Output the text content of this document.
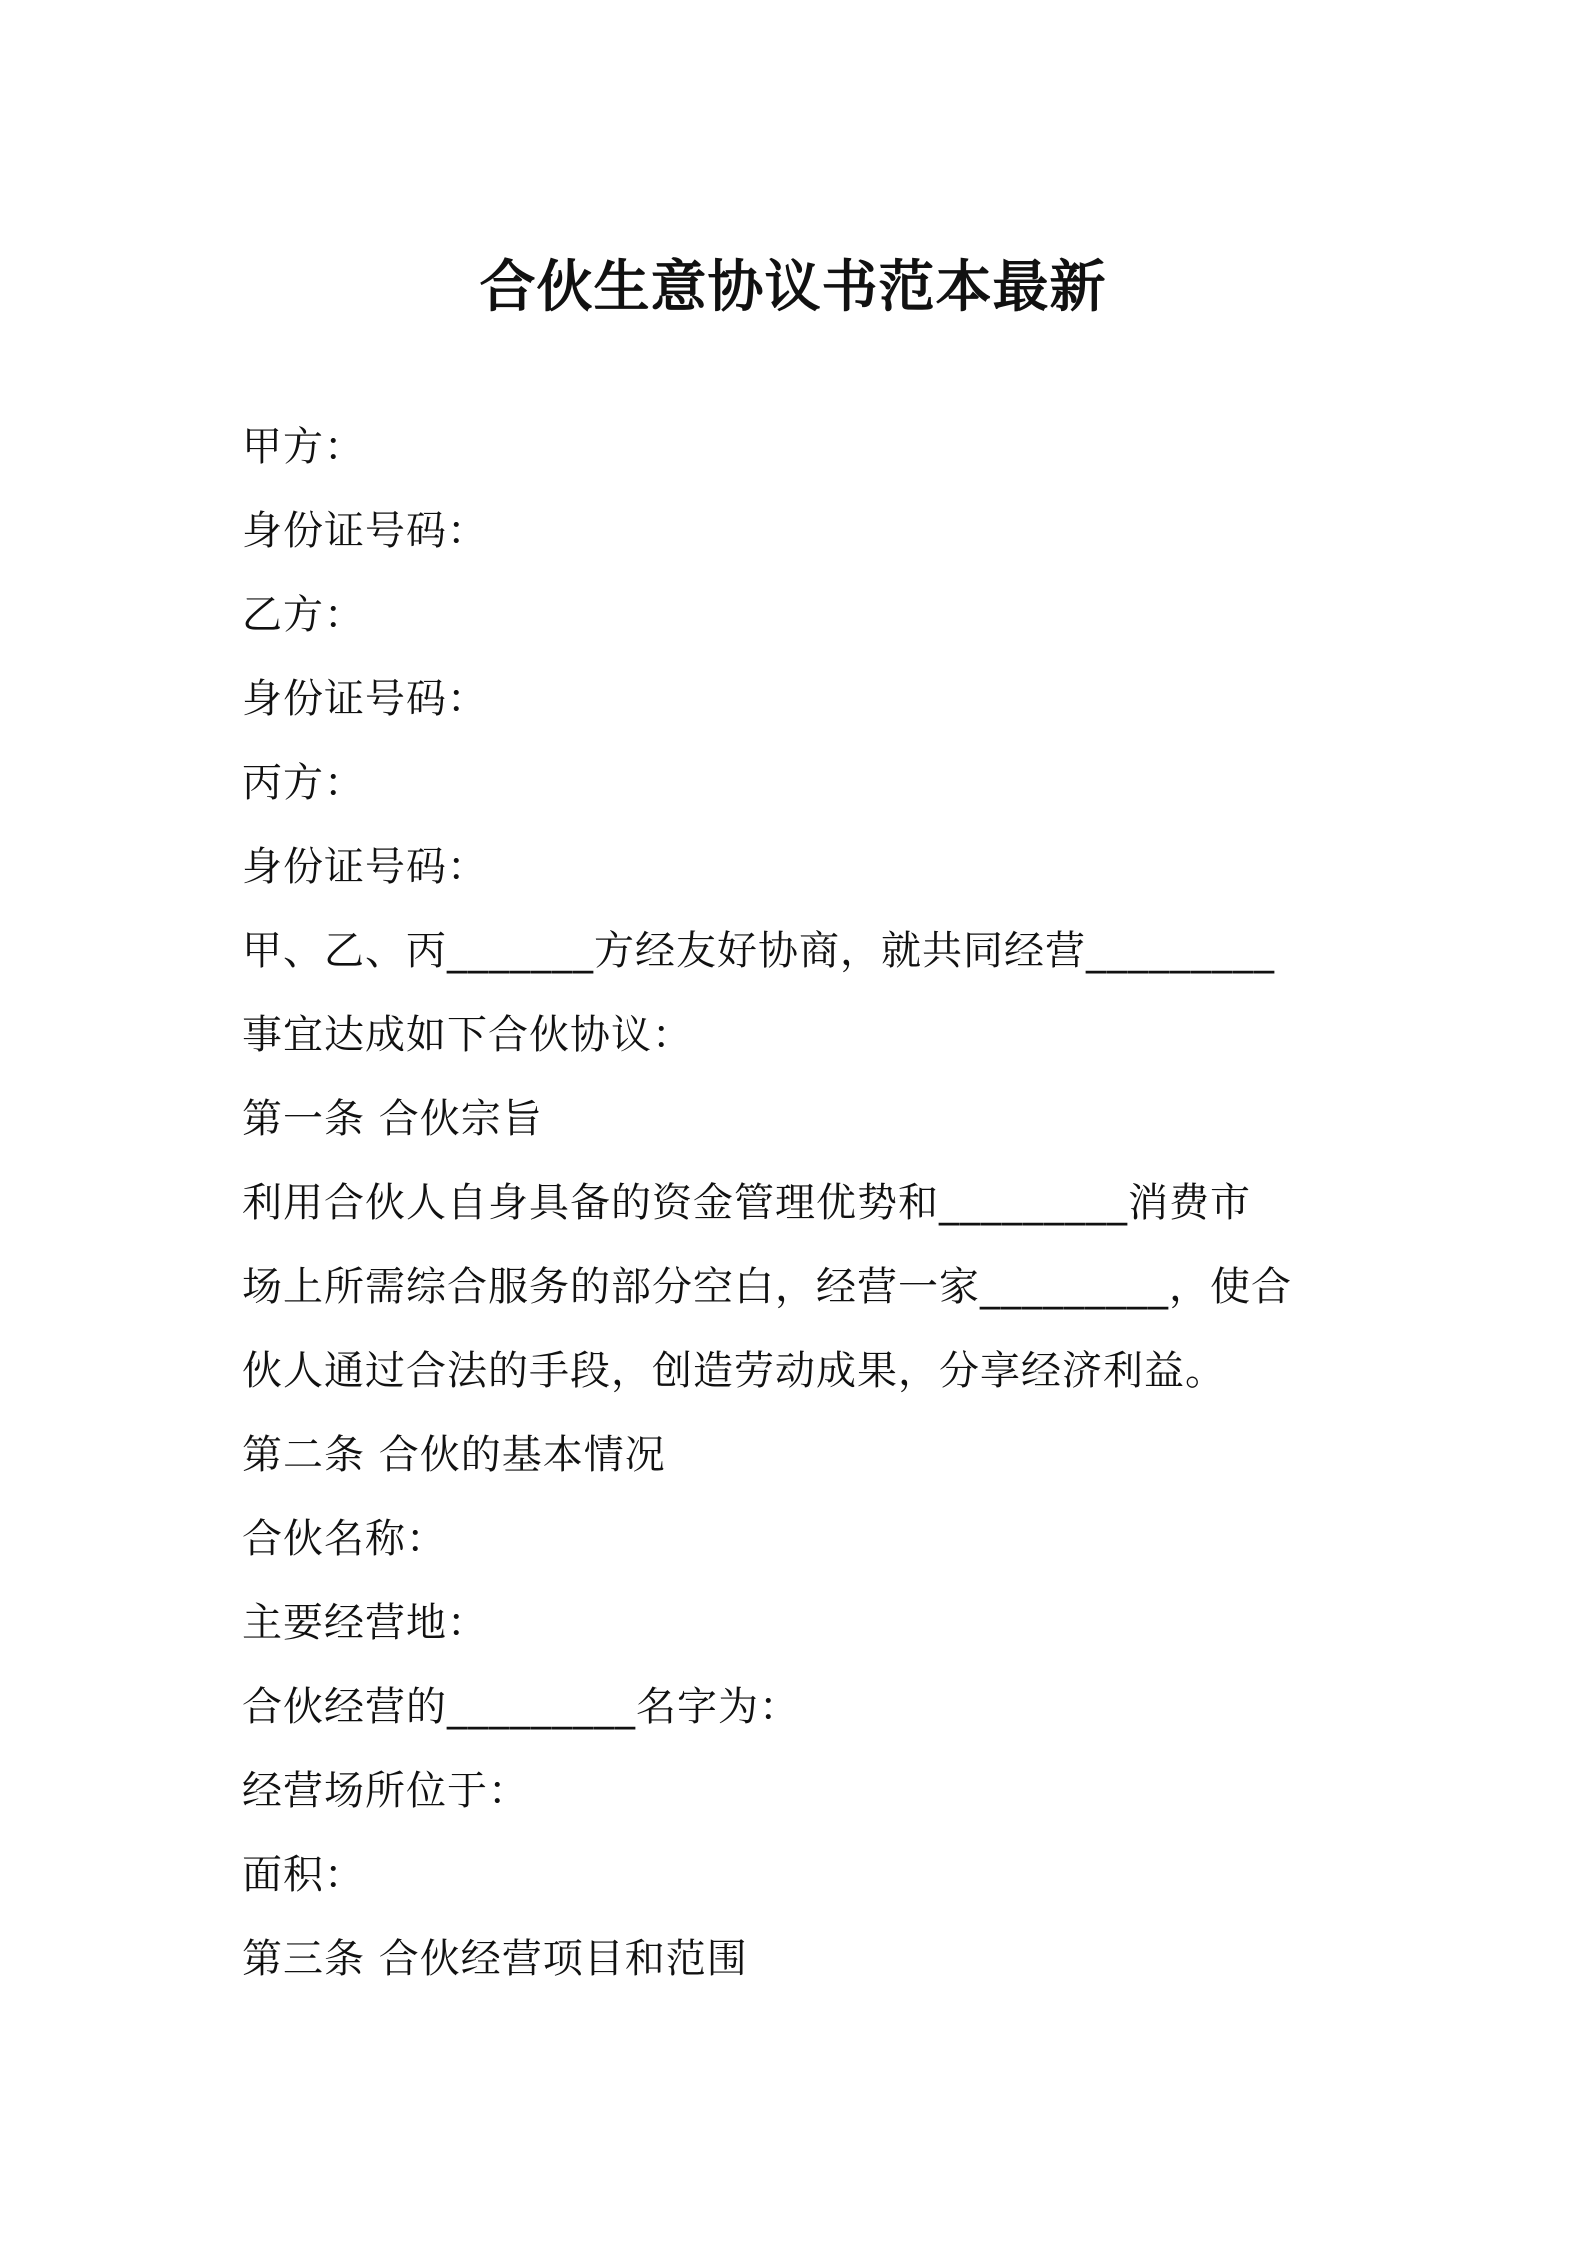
合伙生意协议书范本最新
甲方：
身份证号码：
乙方：
身份证号码：
丙方：
身份证号码：
甲、乙、丙_______方经友好协商，就共同经营_________
事宜达成如下合伙协议：
第一条 合伙宗旨
利用合伙人自身具备的资金管理优势和_________消费市
场上所需综合服务的部分空白，经营一家_________，使合
伙人通过合法的手段，创造劳动成果，分享经济利益。
第二条 合伙的基本情况
合伙名称：
主要经营地：
合伙经营的_________名字为：
经营场所位于：
面积：
第三条 合伙经营项目和范围
